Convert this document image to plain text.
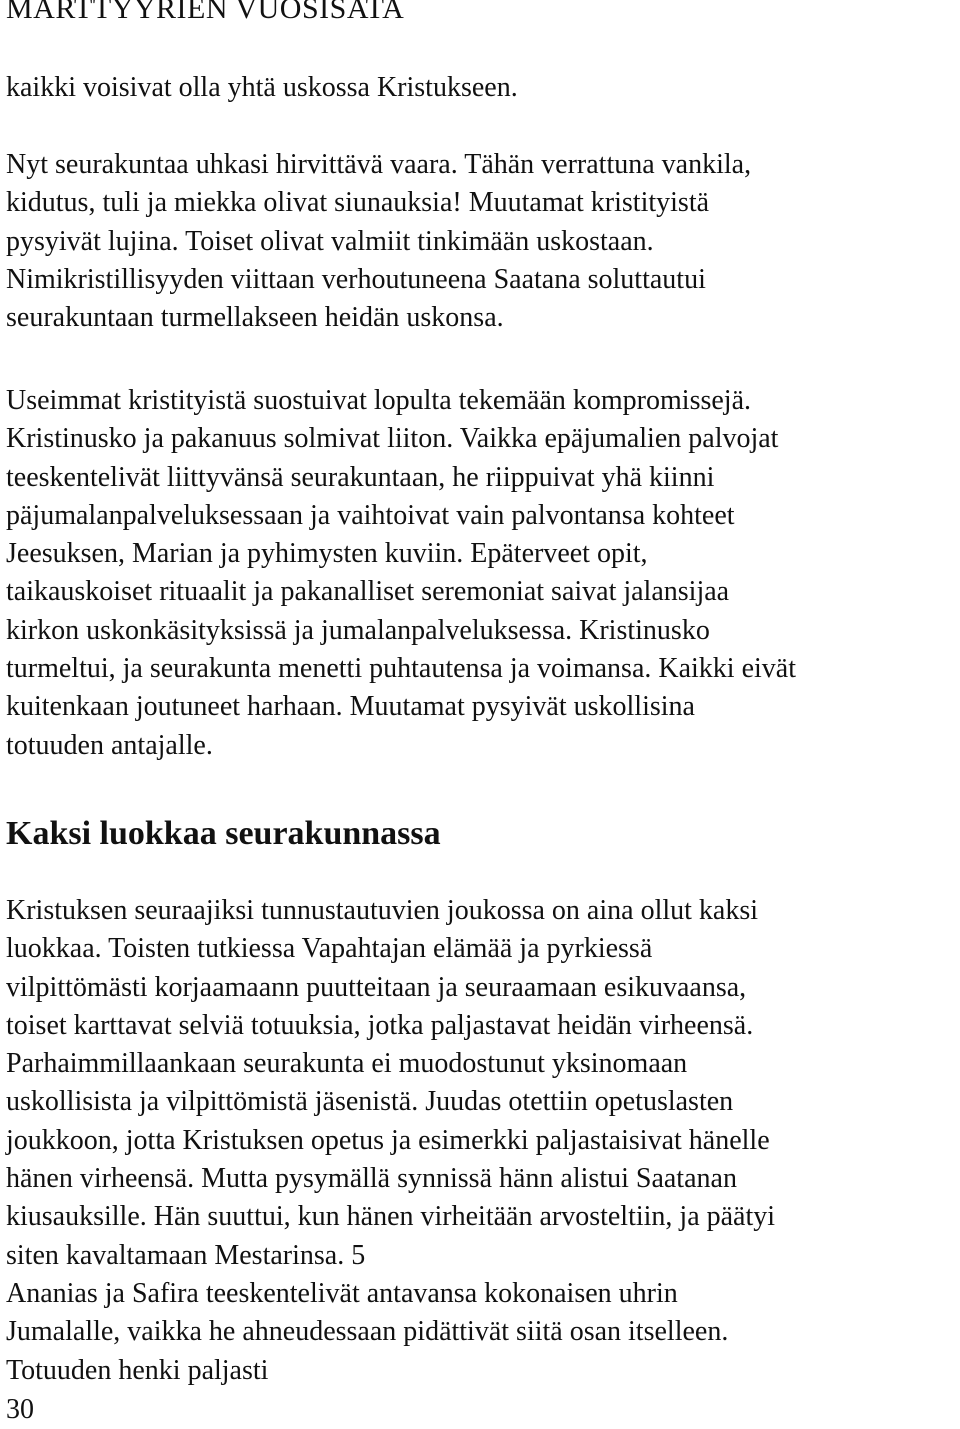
MARTTYYRIEN VUOSISATA

kaikki voisivat olla yhtä uskossa Kristukseen.

Nyt seurakuntaa uhkasi hirvittävä vaara. Tähän verrattuna vankila,
kidutus, tuli ja miekka olivat siunauksia! Muutamat kristityistä
pysyivät lujina. Toiset olivat valmiit tinkimään uskostaan.
Nimikristillisyyden viittaan verhoutuneena Saatana soluttautui
seurakuntaan turmellakseen heidän uskonsa.

Useimmat kristityistä suostuivat lopulta tekemään kompromissejä.
Kristinusko ja pakanuus solmivat liiton. Vaikka epäjumalien palvojat
teeskentelivät liittyvänsä seurakuntaan, he riippuivat yhä kiinni
päjumalanpalveluksessaan ja vaihtoivat vain palvontansa kohteet
Jeesuksen, Marian ja pyhimysten kuviin. Epäterveet opit,
taikauskoiset rituaalit ja pakanalliset seremoniat saivat jalansijaa
kirkon uskonkäsityksissä ja jumalanpalveluksessa. Kristinusko
turmeltui, ja seurakunta menetti puhtautensa ja voimansa. Kaikki eivät
kuitenkaan joutuneet harhaan. Muutamat pysyivät uskollisina
totuuden antajalle.

Kaksi luokkaa seurakunnassa

Kristuksen seuraajiksi tunnustautuvien joukossa on aina ollut kaksi
luokkaa. Toisten tutkiessa Vapahtajan elämää ja pyrkiessä
vilpittömästi korjaamaann puutteitaan ja seuraamaan esikuvaansa,
toiset karttavat selviä totuuksia, jotka paljastavat heidän virheensä.
Parhaimmillaankaan seurakunta ei muodostunut yksinomaan
uskollisista ja vilpittömistä jäsenistä. Juudas otettiin opetuslasten
joukkoon, jotta Kristuksen opetus ja esimerkki paljastaisivat hänelle
hänen virheensä. Mutta pysymällä synnissä hänn alistui Saatanan
kiusauksille. Hän suuttui, kun hänen virheitään arvosteltiin, ja päätyi
siten kavaltamaan Mestarinsa. 5
Ananias ja Safira teeskentelivät antavansa kokonaisen uhrin
Jumalalle, vaikka he ahneudessaan pidättivät siitä osan itselleen.
Totuuden henki paljasti

30
